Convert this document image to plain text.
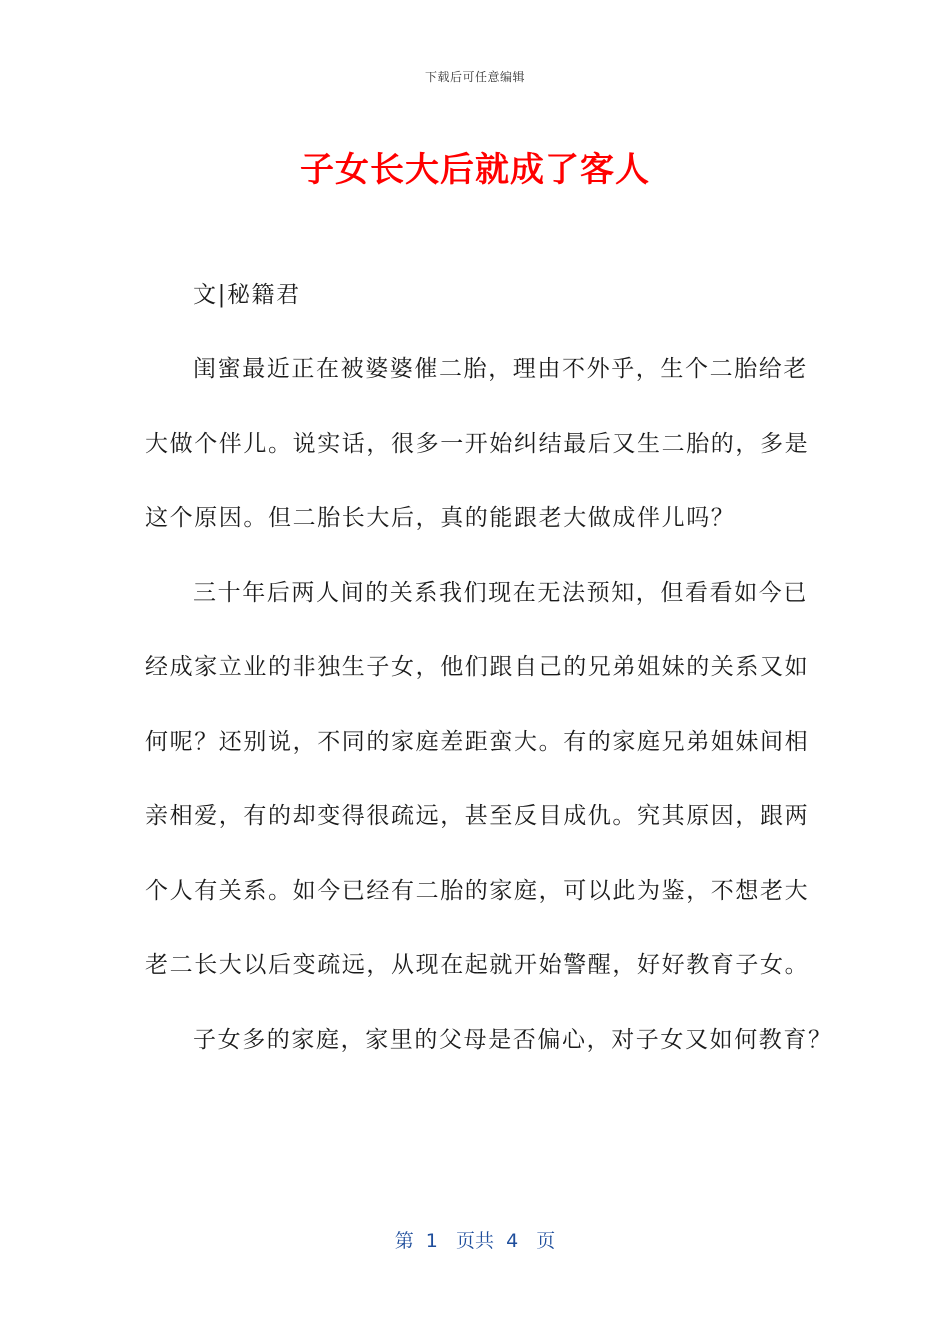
下载后可任意编辑
子女长大后就成了客人
文|秘籍君
闺蜜最近正在被婆婆催二胎，理由不外乎，生个二胎给老
大做个伴儿。说实话，很多一开始纠结最后又生二胎的，多是
这个原因。但二胎长大后，真的能跟老大做成伴儿吗？
三十年后两人间的关系我们现在无法预知，但看看如今已
经成家立业的非独生子女，他们跟自己的兄弟姐妹的关系又如
何呢？还别说，不同的家庭差距蛮大。有的家庭兄弟姐妹间相
亲相爱，有的却变得很疏远，甚至反目成仇。究其原因，跟两
个人有关系。如今已经有二胎的家庭，可以此为鉴，不想老大
老二长大以后变疏远，从现在起就开始警醒，好好教育子女。
子女多的家庭，家里的父母是否偏心，对子女又如何教育？
第  1   页共  4   页
